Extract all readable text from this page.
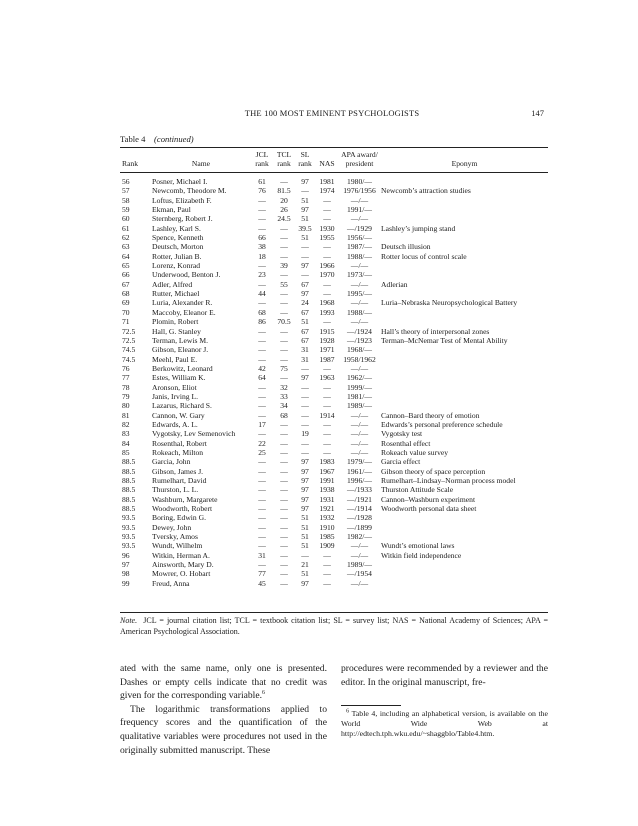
THE 100 MOST EMINENT PSYCHOLOGISTS	147
Table 4 (continued)
		JCL	TCL	SL		APA award/	
Rank	Name	rank	rank	rank	NAS	president	Eponym
56	Posner, Michael I.	61	—	97	1981	1980/—	
57	Newcomb, Theodore M.	76	81.5	—	1974	1976/1956	Newcomb’s attraction studies
58	Loftus, Elizabeth F.	—	20	51	—	—/—	
59	Ekman, Paul	—	26	97	—	1991/—	
60	Sternberg, Robert J.	—	24.5	51	—	—/—	
61	Lashley, Karl S.	—	—	39.5	1930	—/1929	Lashley’s jumping stand
62	Spence, Kenneth	66	—	51	1955	1956/—	
63	Deutsch, Morton	38	—	—	—	1987/—	Deutsch illusion
64	Rotter, Julian B.	18	—	—	—	1988/—	Rotter locus of control scale
65	Lorenz, Konrad	—	39	97	1966	—/—	
66	Underwood, Benton J.	23	—	—	1970	1973/—	
67	Adler, Alfred	—	55	67	—	—/—	Adlerian
68	Rutter, Michael	44	—	97	—	1995/—	
69	Luria, Alexander R.	—	—	24	1968	—/—	Luria–Nebraska Neuropsychological Battery
70	Maccoby, Eleanor E.	68	—	67	1993	1988/—	
71	Plomin, Robert	86	70.5	51	—	—/—	
72.5	Hall, G. Stanley	—	—	67	1915	—/1924	Hall’s theory of interpersonal zones
72.5	Terman, Lewis M.	—	—	67	1928	—/1923	Terman–McNemar Test of Mental Ability
74.5	Gibson, Eleanor J.	—	—	31	1971	1968/—	
74.5	Meehl, Paul E.	—	—	31	1987	1958/1962	
76	Berkowitz, Leonard	42	75	—	—	—/—	
77	Estes, William K.	64	—	97	1963	1962/—	
78	Aronson, Eliot	—	32	—	—	1999/—	
79	Janis, Irving L.	—	33	—	—	1981/—	
80	Lazarus, Richard S.	—	34	—	—	1989/—	
81	Cannon, W. Gary	—	68	—	1914	—/—	Cannon–Bard theory of emotion
82	Edwards, A. L.	17	—	—	—	—/—	Edwards’s personal preference schedule
83	Vygotsky, Lev Semenovich	—	—	19	—	—/—	Vygotsky test
84	Rosenthal, Robert	22	—	—	—	—/—	Rosenthal effect
85	Rokeach, Milton	25	—	—	—	—/—	Rokeach value survey
88.5	Garcia, John	—	—	97	1983	1979/—	Garcia effect
88.5	Gibson, James J.	—	—	97	1967	1961/—	Gibson theory of space perception
88.5	Rumelhart, David	—	—	97	1991	1996/—	Rumelhart–Lindsay–Norman process model
88.5	Thurston, L. L.	—	—	97	1938	—/1933	Thurston Attitude Scale
88.5	Washburn, Margarete	—	—	97	1931	—/1921	Cannon–Washburn experiment
88.5	Woodworth, Robert	—	—	97	1921	—/1914	Woodworth personal data sheet
93.5	Boring, Edwin G.	—	—	51	1932	—/1928	
93.5	Dewey, John	—	—	51	1910	—/1899	
93.5	Tversky, Amos	—	—	51	1985	1982/—	
93.5	Wundt, Wilhelm	—	—	51	1909	—/—	Wundt’s emotional laws
96	Witkin, Herman A.	31	—	—	—	—/—	Witkin field independence
97	Ainsworth, Mary D.	—	—	21	—	1989/—	
98	Mowrer, O. Hobart	77	—	51	—	—/1954	
99	Freud, Anna	45	—	97	—	—/—	
Note. JCL = journal citation list; TCL = textbook citation list; SL = survey list; NAS = National Academy of Sciences; APA = American Psychological Association.

ated with the same name, only one is presented. Dashes or empty cells indicate that no credit was given for the corresponding variable.$^6$

The logarithmic transformations applied to frequency scores and the quantification of the qualitative variables were procedures not used in the originally submitted manuscript. These

procedures were recommended by a reviewer and the editor. In the original manuscript, fre-

$^6$ Table 4, including an alphabetical version, is available on the World Wide Web at http://edtech.tph.wku.edu/~shaggblo/Table4.htm.
